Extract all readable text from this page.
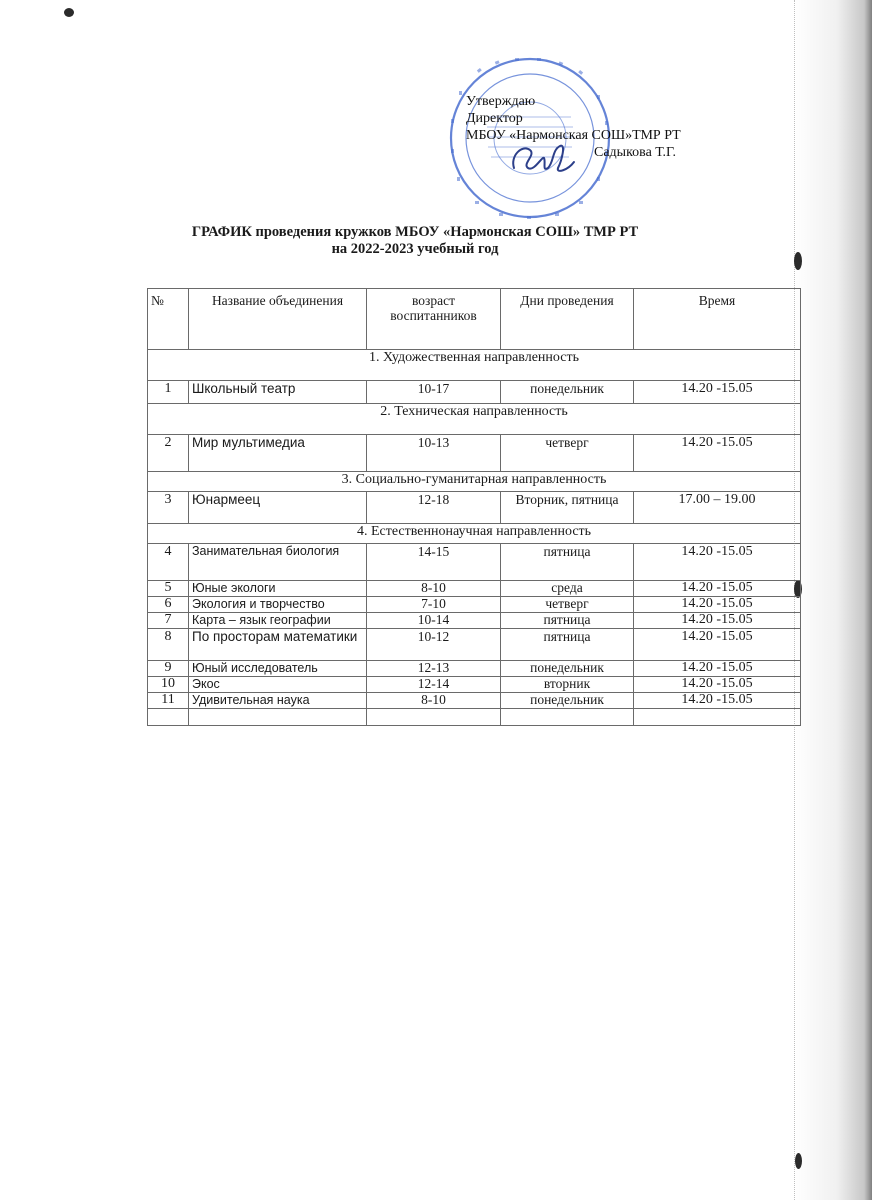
Утверждаю
Директор
МБОУ «Нармонская СОШ»ТМР РТ
Садыкова Т.Г.
ГРАФИК проведения кружков МБОУ «Нармонская СОШ» ТМР РТ
на 2022-2023 учебный год
№	Название объединения	возраст воспитанников	Дни проведения	Время
1. Художественная направленность				
1	Школьный театр	10-17	понедельник	14.20 -15.05
2. Техническая направленность				
2	Мир мультимедиа	10-13	четверг	14.20 -15.05
3. Социально-гуманитарная направленность				
3	Юнармеец	12-18	Вторник, пятница	17.00 – 19.00
4. Естественнонаучная направленность				
4	Занимательная биология	14-15	пятница	14.20 -15.05
5	Юные экологи	8-10	среда	14.20 -15.05
6	Экология и творчество	7-10	четверг	14.20 -15.05
7	Карта – язык географии	10-14	пятница	14.20 -15.05
8	По просторам математики	10-12	пятница	14.20 -15.05
9	Юный исследователь	12-13	понедельник	14.20 -15.05
10	Экос	12-14	вторник	14.20 -15.05
11	Удивительная наука	8-10	понедельник	14.20 -15.05
